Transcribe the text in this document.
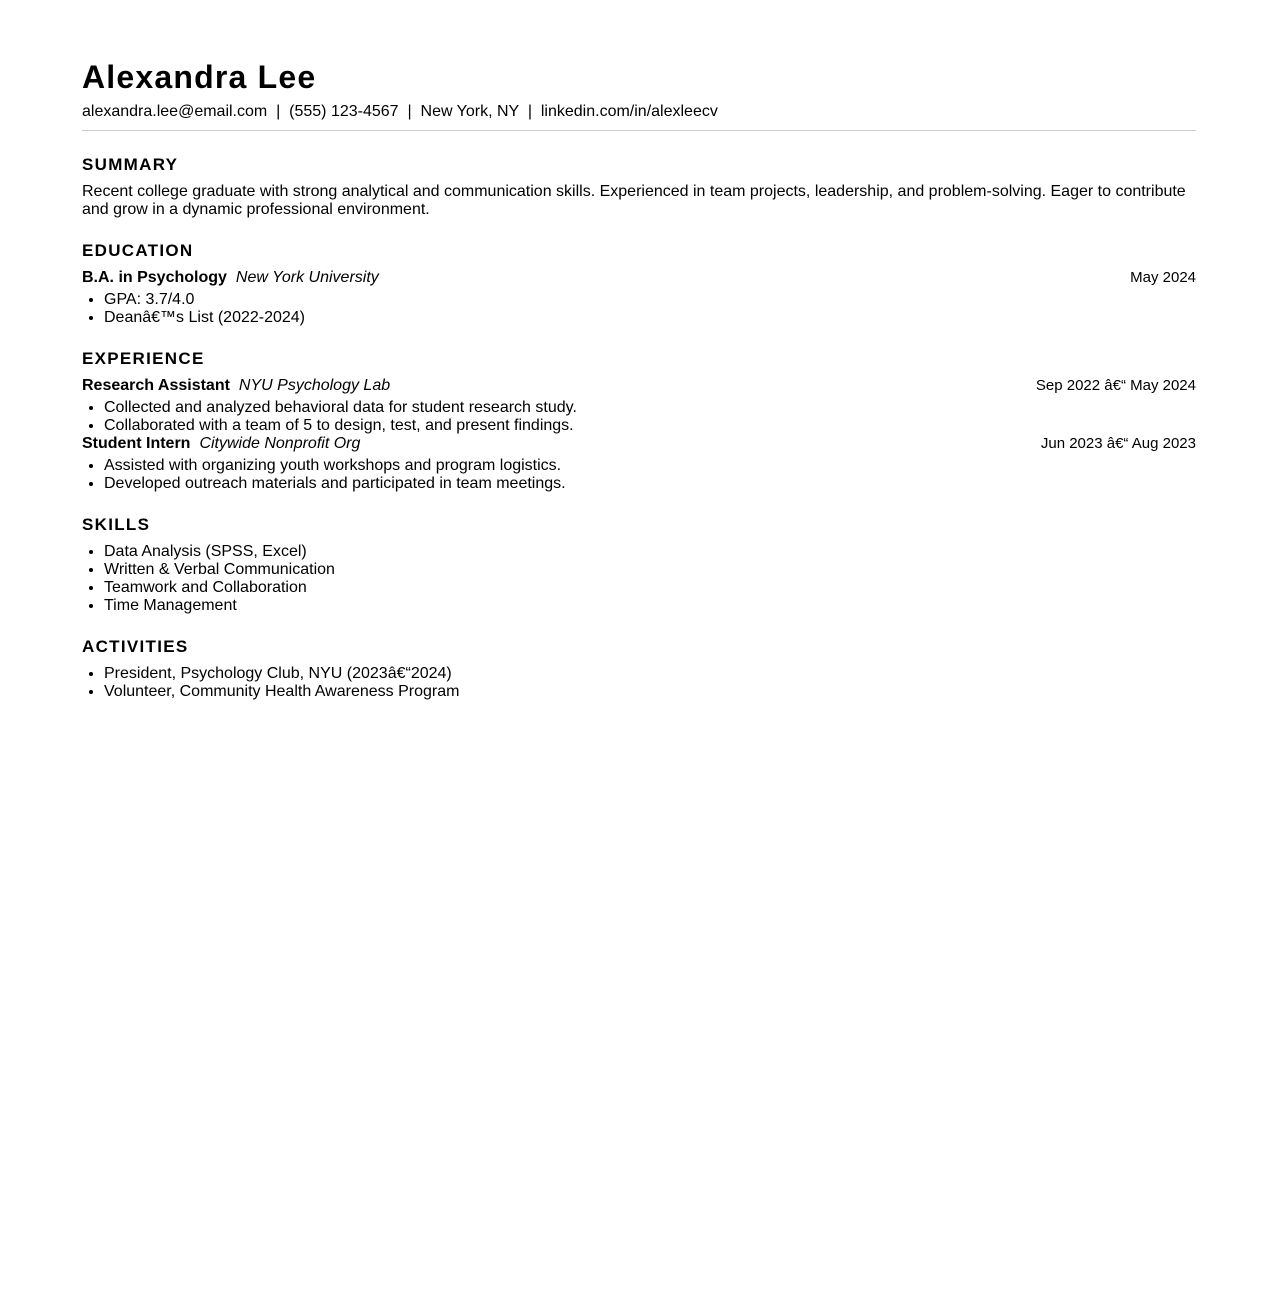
Alexandra Lee
alexandra.lee@email.com  |  (555) 123-4567  |  New York, NY  |  linkedin.com/in/alexleecv
SUMMARY
Recent college graduate with strong analytical and communication skills. Experienced in team projects, leadership, and problem-solving. Eager to contribute and grow in a dynamic professional environment.
EDUCATION
B.A. in Psychology New York University	May 2024
• GPA: 3.7/4.0
• Deanâ€™s List (2022-2024)
EXPERIENCE
Research Assistant NYU Psychology Lab	Sep 2022 â€“ May 2024
• Collected and analyzed behavioral data for student research study.
• Collaborated with a team of 5 to design, test, and present findings.
Student Intern Citywide Nonprofit Org	Jun 2023 â€“ Aug 2023
• Assisted with organizing youth workshops and program logistics.
• Developed outreach materials and participated in team meetings.
SKILLS
• Data Analysis (SPSS, Excel)
• Written & Verbal Communication
• Teamwork and Collaboration
• Time Management
ACTIVITIES
• President, Psychology Club, NYU (2023â€“2024)
• Volunteer, Community Health Awareness Program
